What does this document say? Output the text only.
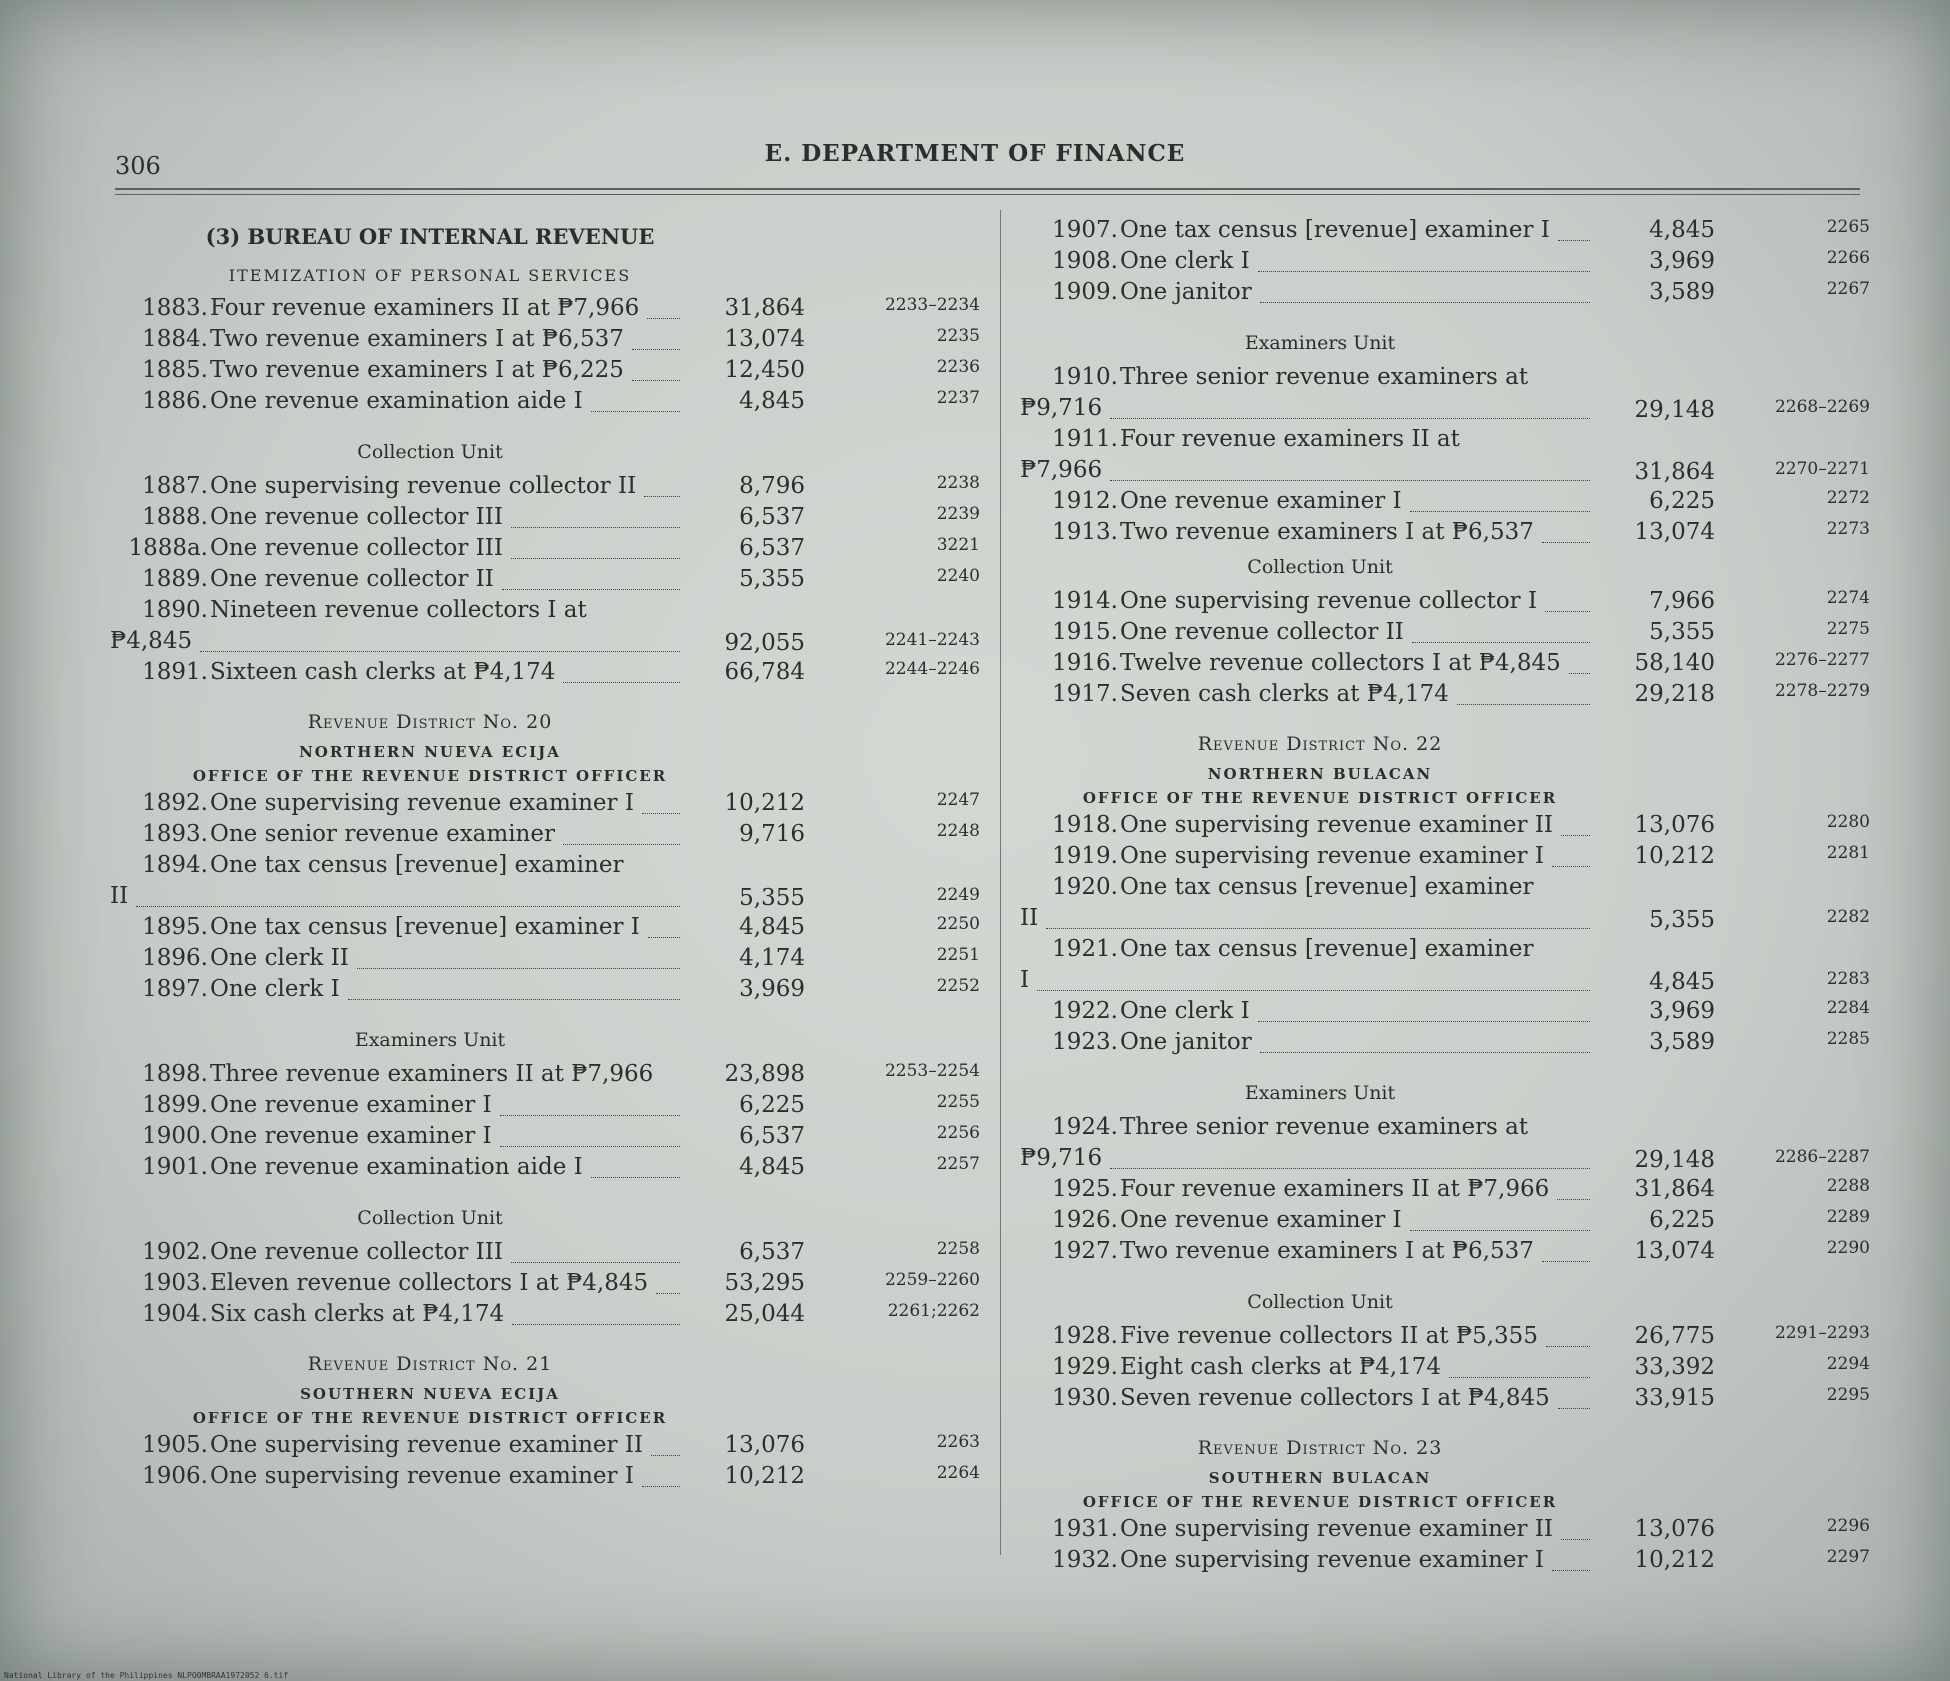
306	E. DEPARTMENT OF FINANCE
(3) BUREAU OF INTERNAL REVENUE
ITEMIZATION OF PERSONAL SERVICES
1883. Four revenue examiners II at ₱7,966	31,864	2233–2234
1884. Two revenue examiners I at ₱6,537	13,074	2235
1885. Two revenue examiners I at ₱6,225	12,450	2236
1886. One revenue examination aide I	4,845	2237
Collection Unit
1887. One supervising revenue collector II	8,796	2238
1888. One revenue collector III	6,537	2239
1888a. One revenue collector III	6,537	3221
1889. One revenue collector II	5,355	2240
1890. Nineteen revenue collectors I at
₱4,845	92,055	2241–2243
1891. Sixteen cash clerks at ₱4,174	66,784	2244–2246
Revenue District No. 20
NORTHERN NUEVA ECIJA
OFFICE OF THE REVENUE DISTRICT OFFICER
1892. One supervising revenue examiner I	10,212	2247
1893. One senior revenue examiner	9,716	2248
1894. One tax census [revenue] examiner
II	5,355	2249
1895. One tax census [revenue] examiner I	4,845	2250
1896. One clerk II	4,174	2251
1897. One clerk I	3,969	2252
Examiners Unit
1898. Three revenue examiners II at ₱7,966	23,898	2253–2254
1899. One revenue examiner I	6,225	2255
1900. One revenue examiner I	6,537	2256
1901. One revenue examination aide I	4,845	2257
Collection Unit
1902. One revenue collector III	6,537	2258
1903. Eleven revenue collectors I at ₱4,845	53,295	2259–2260
1904. Six cash clerks at ₱4,174	25,044	2261;2262
Revenue District No. 21
SOUTHERN NUEVA ECIJA
OFFICE OF THE REVENUE DISTRICT OFFICER
1905. One supervising revenue examiner II	13,076	2263
1906. One supervising revenue examiner I	10,212	2264
1907. One tax census [revenue] examiner I	4,845	2265
1908. One clerk I	3,969	2266
1909. One janitor	3,589	2267
Examiners Unit
1910. Three senior revenue examiners at
₱9,716	29,148	2268–2269
1911. Four revenue examiners II at
₱7,966	31,864	2270–2271
1912. One revenue examiner I	6,225	2272
1913. Two revenue examiners I at ₱6,537	13,074	2273
Collection Unit
1914. One supervising revenue collector I	7,966	2274
1915. One revenue collector II	5,355	2275
1916. Twelve revenue collectors I at ₱4,845	58,140	2276–2277
1917. Seven cash clerks at ₱4,174	29,218	2278–2279
Revenue District No. 22
NORTHERN BULACAN
OFFICE OF THE REVENUE DISTRICT OFFICER
1918. One supervising revenue examiner II	13,076	2280
1919. One supervising revenue examiner I	10,212	2281
1920. One tax census [revenue] examiner
II	5,355	2282
1921. One tax census [revenue] examiner
I	4,845	2283
1922. One clerk I	3,969	2284
1923. One janitor	3,589	2285
Examiners Unit
1924. Three senior revenue examiners at
₱9,716	29,148	2286–2287
1925. Four revenue examiners II at ₱7,966	31,864	2288
1926. One revenue examiner I	6,225	2289
1927. Two revenue examiners I at ₱6,537	13,074	2290
Collection Unit
1928. Five revenue collectors II at ₱5,355	26,775	2291–2293
1929. Eight cash clerks at ₱4,174	33,392	2294
1930. Seven revenue collectors I at ₱4,845	33,915	2295
Revenue District No. 23
SOUTHERN BULACAN
OFFICE OF THE REVENUE DISTRICT OFFICER
1931. One supervising revenue examiner II	13,076	2296
1932. One supervising revenue examiner I	10,212	2297
National Library of the Philippines NLPO0MBRAA1972052 6.tif
